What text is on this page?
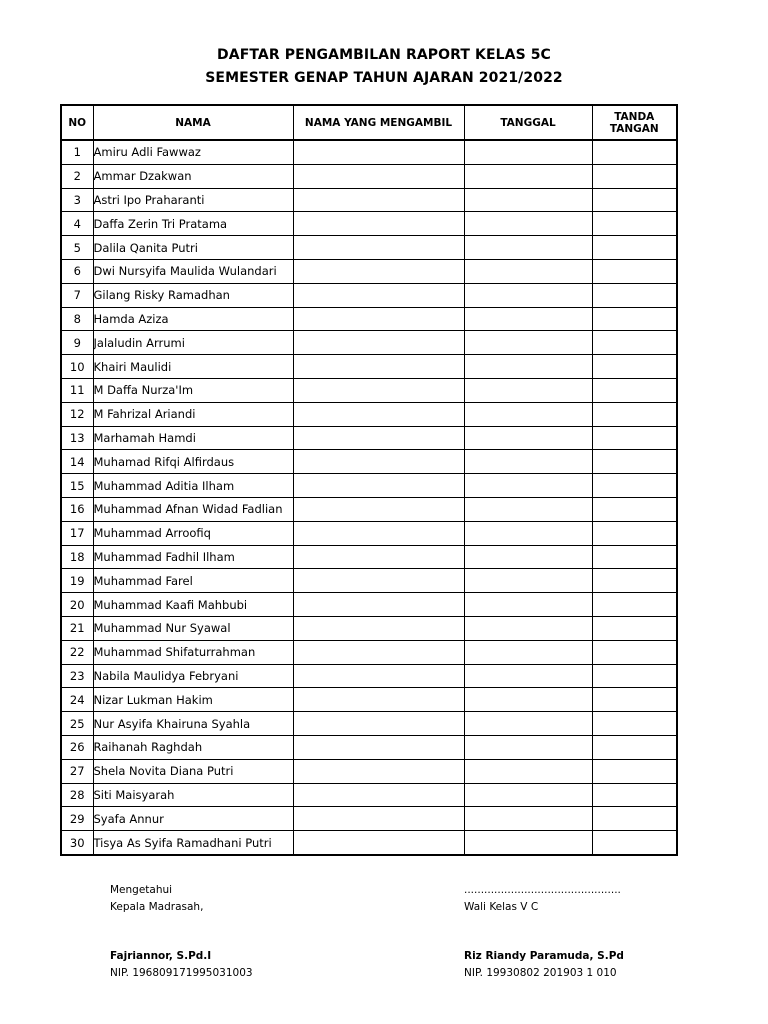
DAFTAR PENGAMBILAN RAPORT KELAS 5C
SEMESTER GENAP TAHUN AJARAN 2021/2022
NO	NAMA	NAMA YANG MENGAMBIL	TANGGAL	TANDA TANGAN
1	Amiru Adli Fawwaz			
2	Ammar Dzakwan			
3	Astri Ipo Praharanti			
4	Daffa Zerin Tri Pratama			
5	Dalila Qanita Putri			
6	Dwi Nursyifa Maulida Wulandari			
7	Gilang Risky Ramadhan			
8	Hamda Aziza			
9	Jalaludin Arrumi			
10	Khairi Maulidi			
11	M Daffa Nurza'Im			
12	M Fahrizal Ariandi			
13	Marhamah Hamdi			
14	Muhamad Rifqi Alfirdaus			
15	Muhammad Aditia Ilham			
16	Muhammad Afnan Widad Fadlian			
17	Muhammad Arroofiq			
18	Muhammad Fadhil Ilham			
19	Muhammad Farel			
20	Muhammad Kaafi Mahbubi			
21	Muhammad Nur Syawal			
22	Muhammad Shifaturrahman			
23	Nabila Maulidya Febryani			
24	Nizar Lukman Hakim			
25	Nur Asyifa Khairuna Syahla			
26	Raihanah Raghdah			
27	Shela Novita Diana Putri			
28	Siti Maisyarah			
29	Syafa Annur			
30	Tisya As Syifa Ramadhani Putri			
Mengetahui
Kepala Madrasah,
Fajriannor, S.Pd.I
NIP. 196809171995031003
...............................................
Wali Kelas V C
Riz Riandy Paramuda, S.Pd
NIP. 19930802 201903 1 010
